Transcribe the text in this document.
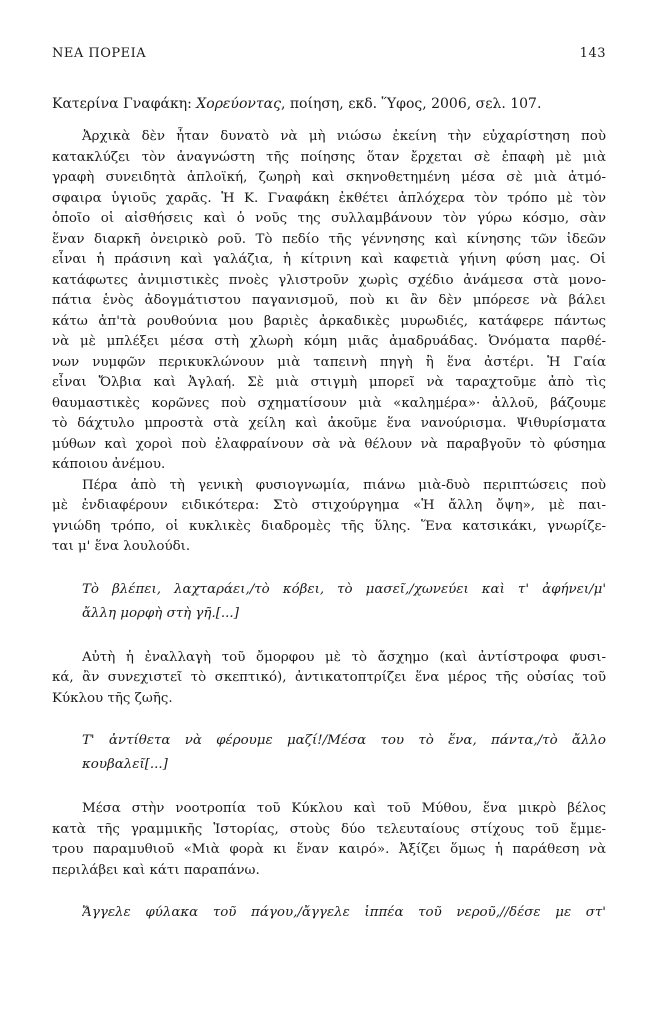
ΝΕΑ ΠΟΡΕΙΑ	143

Κατερίνα Γναφάκη: Χορεύοντας, ποίηση, εκδ. Ὕφος, 2006, σελ. 107.

Ἀρχικὰ δὲν ἦταν δυνατὸ νὰ μὴ νιώσω ἐκείνη τὴν εὐχαρίστηση ποὺ
κατακλύζει τὸν ἀναγνώστη τῆς ποίησης ὅταν ἔρχεται σὲ ἐπαφὴ μὲ μιὰ
γραφὴ συνειδητὰ ἁπλοϊκή, ζωηρὴ καὶ σκηνοθετημένη μέσα σὲ μιὰ ἀτμό-
σφαιρα ὑγιοῦς χαρᾶς. Ἡ Κ. Γναφάκη ἐκθέτει ἀπλόχερα τὸν τρόπο μὲ τὸν
ὁποῖο οἱ αἰσθήσεις καὶ ὁ νοῦς της συλλαμβάνουν τὸν γύρω κόσμο, σὰν
ἕναν διαρκῆ ὀνειρικὸ ροῦ. Τὸ πεδίο τῆς γέννησης καὶ κίνησης τῶν ἰδεῶν
εἶναι ἡ πράσινη καὶ γαλάζια, ἡ κίτρινη καὶ καφετιὰ γήινη φύση μας. Οἱ
κατάφωτες ἀνιμιστικὲς πνοὲς γλιστροῦν χωρὶς σχέδιο ἀνάμεσα στὰ μονο-
πάτια ἑνὸς ἀδογμάτιστου παγανισμοῦ, ποὺ κι ἂν δὲν μπόρεσε νὰ βάλει
κάτω ἀπ'τὰ ρουθούνια μου βαριὲς ἀρκαδικὲς μυρωδιές, κατάφερε πάντως
νὰ μὲ μπλέξει μέσα στὴ χλωρὴ κόμη μιᾶς ἀμαδρυάδας. Ὀνόματα παρθέ-
νων νυμφῶν περικυκλώνουν μιὰ ταπεινὴ πηγὴ ἢ ἕνα ἀστέρι. Ἡ Γαία
εἶναι Ὄλβια καὶ Ἀγλαή. Σὲ μιὰ στιγμὴ μπορεῖ νὰ ταραχτοῦμε ἀπὸ τὶς
θαυμαστικὲς κορῶνες ποὺ σχηματίσουν μιὰ «καλημέρα»· ἀλλοῦ, βάζουμε
τὸ δάχτυλο μπροστὰ στὰ χείλη καὶ ἀκοῦμε ἕνα νανούρισμα. Ψιθυρίσματα
μύθων καὶ χοροὶ ποὺ ἐλαφραίνουν σὰ νὰ θέλουν νὰ παραβγοῦν τὸ φύσημα
κάποιου ἀνέμου.
Πέρα ἀπὸ τὴ γενικὴ φυσιογνωμία, πιάνω μιὰ-δυὸ περιπτώσεις ποὺ
μὲ ἐνδιαφέρουν ειδικότερα: Στὸ στιχούργημα «Ἡ ἄλλη ὄψη», μὲ παι-
γνιώδη τρόπο, οἱ κυκλικὲς διαδρομὲς τῆς ὕλης. Ἕνα κατσικάκι, γνωρίζε-
ται μ' ἕνα λουλούδι.
Τὸ βλέπει, λαχταράει,/τὸ κόβει, τὸ μασεῖ,/χωνεύει καὶ τ' ἀφήνει/μ'
ἄλλη μορφὴ στὴ γῆ.[...]
Αὐτὴ ἡ ἐναλλαγὴ τοῦ ὄμορφου μὲ τὸ ἄσχημο (καὶ ἀντίστροφα φυσι-
κά, ἂν συνεχιστεῖ τὸ σκεπτικό), ἀντικατοπτρίζει ἕνα μέρος τῆς οὐσίας τοῦ
Κύκλου τῆς ζωῆς.
Τ' ἀντίθετα νὰ φέρουμε μαζί!/Μέσα του τὸ ἕνα, πάντα,/τὸ ἄλλο
κουβαλεῖ[...]
Μέσα στὴν νοοτροπία τοῦ Κύκλου καὶ τοῦ Μύθου, ἕνα μικρὸ βέλος
κατὰ τῆς γραμμικῆς Ἱστορίας, στοὺς δύο τελευταίους στίχους τοῦ ἔμμε-
τρου παραμυθιοῦ «Μιὰ φορὰ κι ἕναν καιρό». Ἀξίζει ὅμως ἡ παράθεση νὰ
περιλάβει καὶ κάτι παραπάνω.
Ἄγγελε φύλακα τοῦ πάγου,/ἄγγελε ἱππέα τοῦ νεροῦ,//δέσε με στ'
